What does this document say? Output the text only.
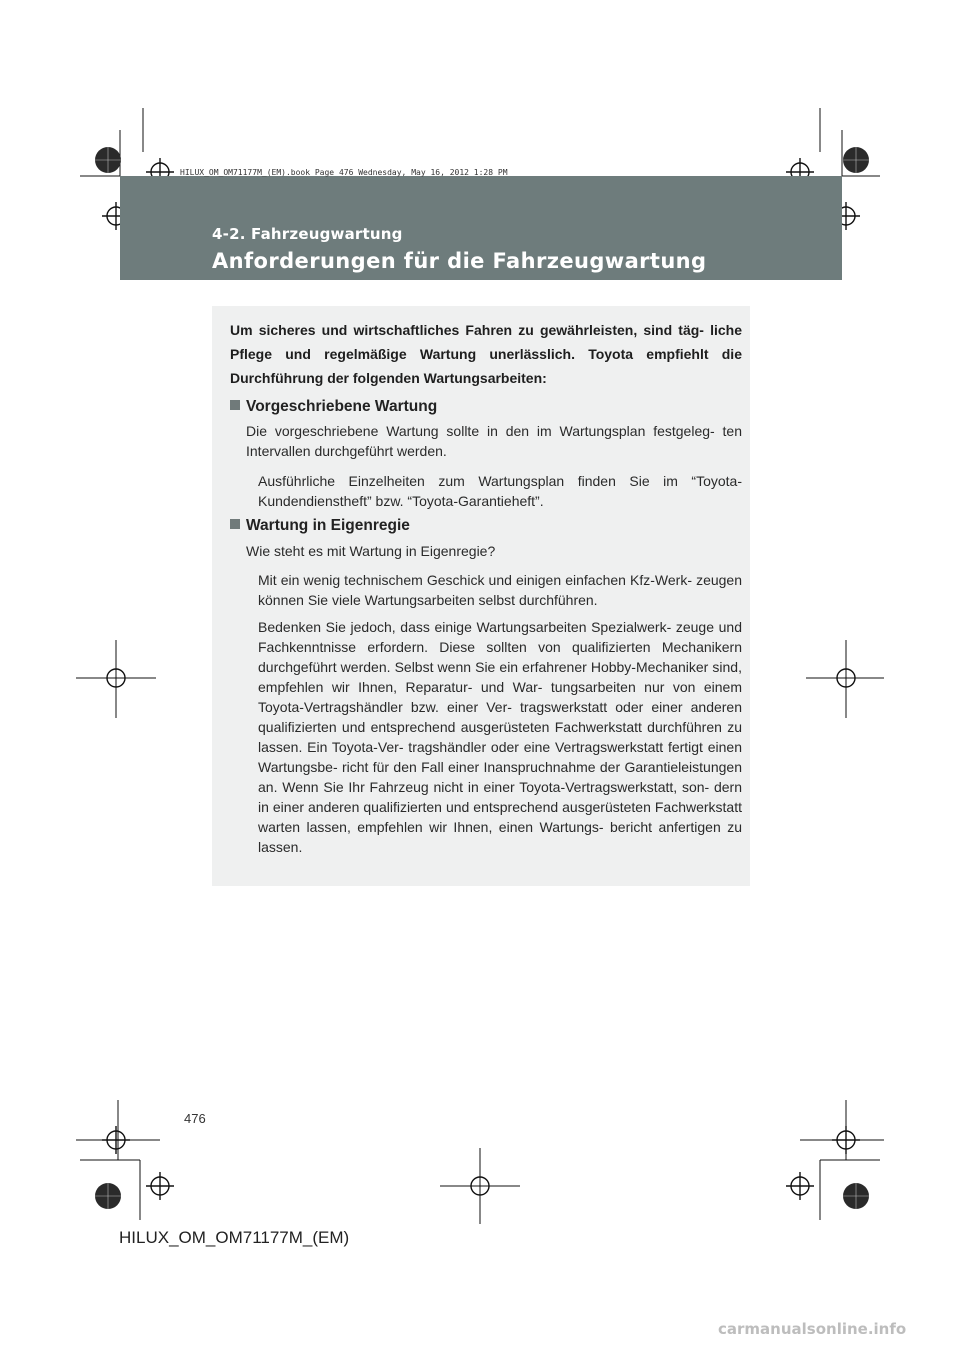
HILUX_OM_OM71177M_(EM).book Page 476 Wednesday, May 16, 2012 1:28 PM
4-2. Fahrzeugwartung
Anforderungen für die Fahrzeugwartung
Um sicheres und wirtschaftliches Fahren zu gewährleisten, sind täg- liche Pflege und regelmäßige Wartung unerlässlich. Toyota empfiehlt die Durchführung der folgenden Wartungsarbeiten:
Vorgeschriebene Wartung
Die vorgeschriebene Wartung sollte in den im Wartungsplan festgeleg- ten Intervallen durchgeführt werden.
Ausführliche Einzelheiten zum Wartungsplan finden Sie im “Toyota- Kundendienstheft” bzw. “Toyota-Garantieheft”.
Wartung in Eigenregie
Wie steht es mit Wartung in Eigenregie?
Mit ein wenig technischem Geschick und einigen einfachen Kfz-Werk- zeugen können Sie viele Wartungsarbeiten selbst durchführen.
Bedenken Sie jedoch, dass einige Wartungsarbeiten Spezialwerk- zeuge und Fachkenntnisse erfordern. Diese sollten von qualifizierten Mechanikern durchgeführt werden. Selbst wenn Sie ein erfahrener Hobby-Mechaniker sind, empfehlen wir Ihnen, Reparatur- und War- tungsarbeiten nur von einem Toyota-Vertragshändler bzw. einer Ver- tragswerkstatt oder einer anderen qualifizierten und entsprechend ausgerüsteten Fachwerkstatt durchführen zu lassen. Ein Toyota-Ver- tragshändler oder eine Vertragswerkstatt fertigt einen Wartungsbe- richt für den Fall einer Inanspruchnahme der Garantieleistungen an. Wenn Sie Ihr Fahrzeug nicht in einer Toyota-Vertragswerkstatt, son- dern in einer anderen qualifizierten und entsprechend ausgerüsteten Fachwerkstatt warten lassen, empfehlen wir Ihnen, einen Wartungs- bericht anfertigen zu lassen.
476
HILUX_OM_OM71177M_(EM)
carmanualsonline.info
